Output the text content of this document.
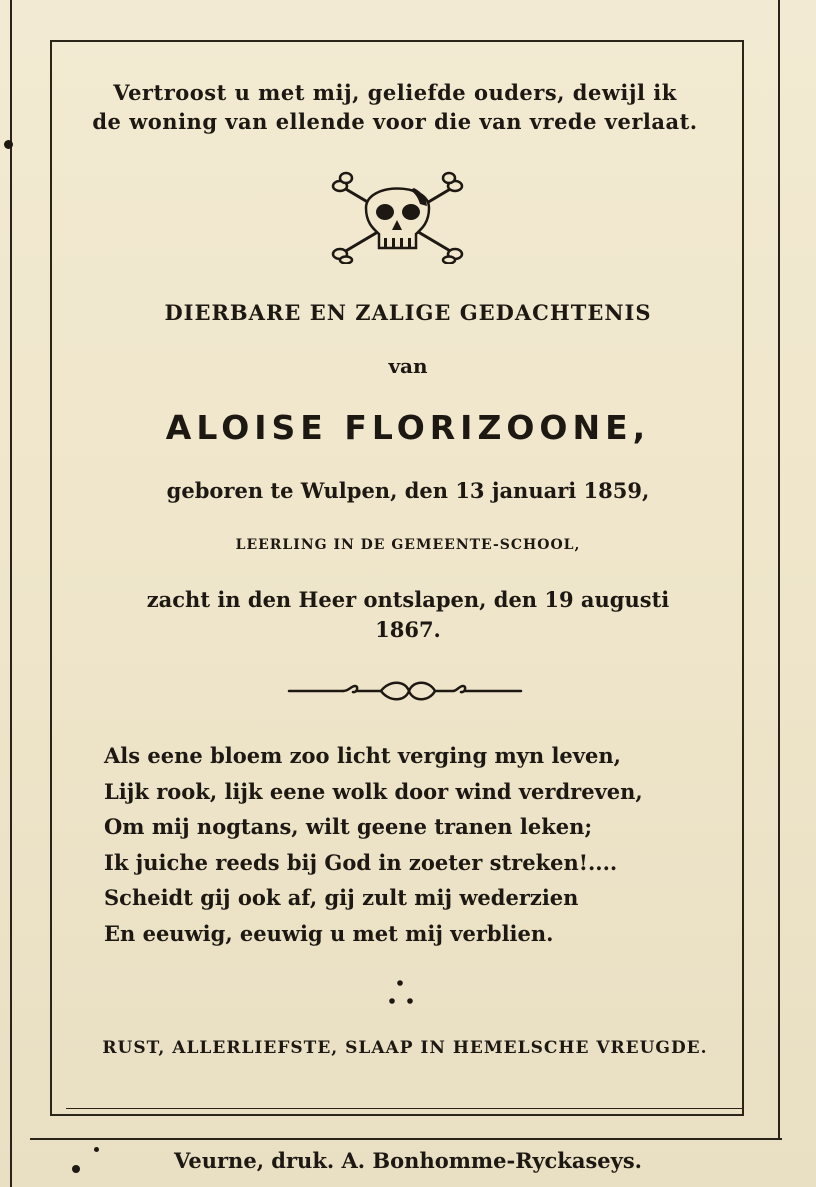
Vertroost u met mij, geliefde ouders, dewijl ik
de woning van ellende voor die van vrede verlaat.
DIERBARE EN ZALIGE GEDACHTENIS
van
ALOISE FLORIZOONE,
geboren te Wulpen, den 13 januari 1859,
LEERLING IN DE GEMEENTE-SCHOOL,
zacht in den Heer ontslapen, den 19 augusti
1867.
Als eene bloem zoo licht verging myn leven,
Lijk rook, lijk eene wolk door wind verdreven,
Om mij nogtans, wilt geene tranen leken;
Ik juiche reeds bij God in zoeter streken!....
Scheidt gij ook af, gij zult mij wederzien
En eeuwig, eeuwig u met mij verblien.
RUST, ALLERLIEFSTE, SLAAP IN HEMELSCHE VREUGDE.
Veurne, druk. A. Bonhomme-Ryckaseys.
